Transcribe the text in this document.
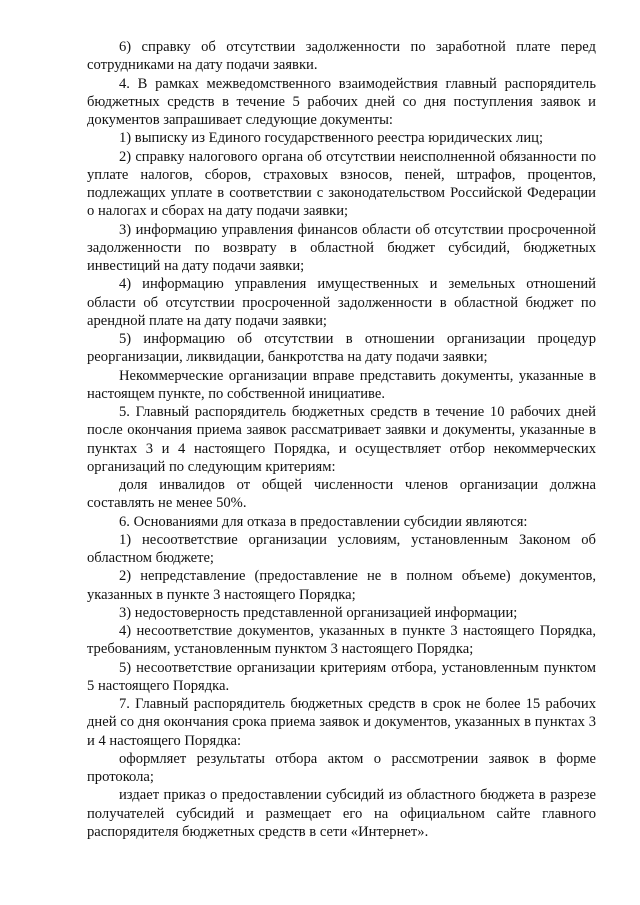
6) справку об отсутствии задолженности по заработной плате перед сотрудниками на дату подачи заявки.

4. В рамках межведомственного взаимодействия главный распорядитель бюджетных средств в течение 5 рабочих дней со дня поступления заявок и документов запрашивает следующие документы:

1) выписку из Единого государственного реестра юридических лиц;

2) справку налогового органа об отсутствии неисполненной обязанности по уплате налогов, сборов, страховых взносов, пеней, штрафов, процентов, подлежащих уплате в соответствии с законодательством Российской Федерации о налогах и сборах на дату подачи заявки;

3) информацию управления финансов области об отсутствии просроченной задолженности по возврату в областной бюджет субсидий, бюджетных инвестиций на дату подачи заявки;

4) информацию управления имущественных и земельных отношений области об отсутствии просроченной задолженности в областной бюджет по арендной плате на дату подачи заявки;

5) информацию об отсутствии в отношении организации процедур реорганизации, ликвидации, банкротства на дату подачи заявки;

Некоммерческие организации вправе представить документы, указанные в настоящем пункте, по собственной инициативе.

5. Главный распорядитель бюджетных средств в течение 10 рабочих дней после окончания приема заявок рассматривает заявки и документы, указанные в пунктах 3 и 4 настоящего Порядка, и осуществляет отбор некоммерческих организаций по следующим критериям:

доля инвалидов от общей численности членов организации должна составлять не менее 50%.

6. Основаниями для отказа в предоставлении субсидии являются:

1) несоответствие организации условиям, установленным Законом об областном бюджете;

2) непредставление (предоставление не в полном объеме) документов, указанных в пункте 3 настоящего Порядка;

3) недостоверность представленной организацией информации;

4) несоответствие документов, указанных в пункте 3 настоящего Порядка, требованиям, установленным пунктом 3 настоящего Порядка;

5) несоответствие организации критериям отбора, установленным пунктом 5 настоящего Порядка.

7. Главный распорядитель бюджетных средств в срок не более 15 рабочих дней со дня окончания срока приема заявок и документов, указанных в пунктах 3 и 4 настоящего Порядка:

оформляет результаты отбора актом о рассмотрении заявок в форме протокола;

издает приказ о предоставлении субсидий из областного бюджета в разрезе получателей субсидий и размещает его на официальном сайте главного распорядителя бюджетных средств в сети «Интернет».
